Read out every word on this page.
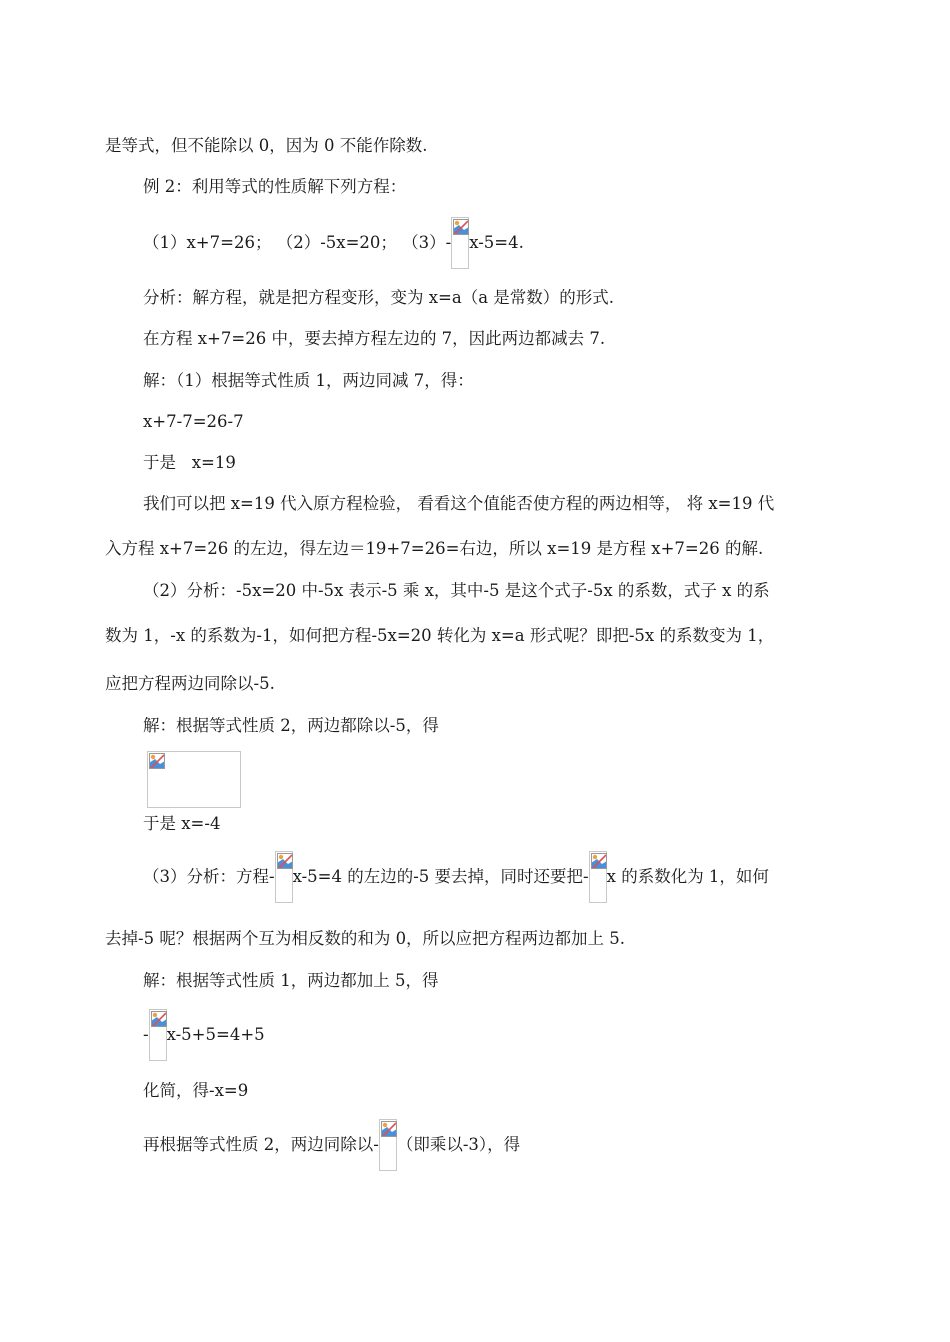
是等式，但不能除以 0，因为 0 不能作除数.
例 2：利用等式的性质解下列方程：
（1）x+7=26； （2）-5x=20； （3）- x-5=4.
分析：解方程，就是把方程变形，变为 x=a（a 是常数）的形式.
在方程 x+7=26 中，要去掉方程左边的 7，因此两边都减去 7.
解：（1）根据等式性质 1，两边同减 7，得：
x+7-7=26-7
于是   x=19
我们可以把 x=19 代入原方程检验， 看看这个值能否使方程的两边相等， 将 x=19 代
入方程 x+7=26 的左边，得左边＝19+7=26=右边，所以 x=19 是方程 x+7=26 的解.
（2）分析：-5x=20 中-5x 表示-5 乘 x，其中-5 是这个式子-5x 的系数，式子 x 的系
数为 1，-x 的系数为-1，如何把方程-5x=20 转化为 x=a 形式呢？即把-5x 的系数变为 1，
应把方程两边同除以-5.
解：根据等式性质 2，两边都除以-5，得
于是 x=-4
（3）分析：方程- x-5=4 的左边的-5 要去掉，同时还要把- x 的系数化为 1，如何
去掉-5 呢？根据两个互为相反数的和为 0，所以应把方程两边都加上 5.
解：根据等式性质 1，两边都加上 5，得
- x-5+5=4+5
化简，得-x=9
再根据等式性质 2，两边同除以- （即乘以-3），得
